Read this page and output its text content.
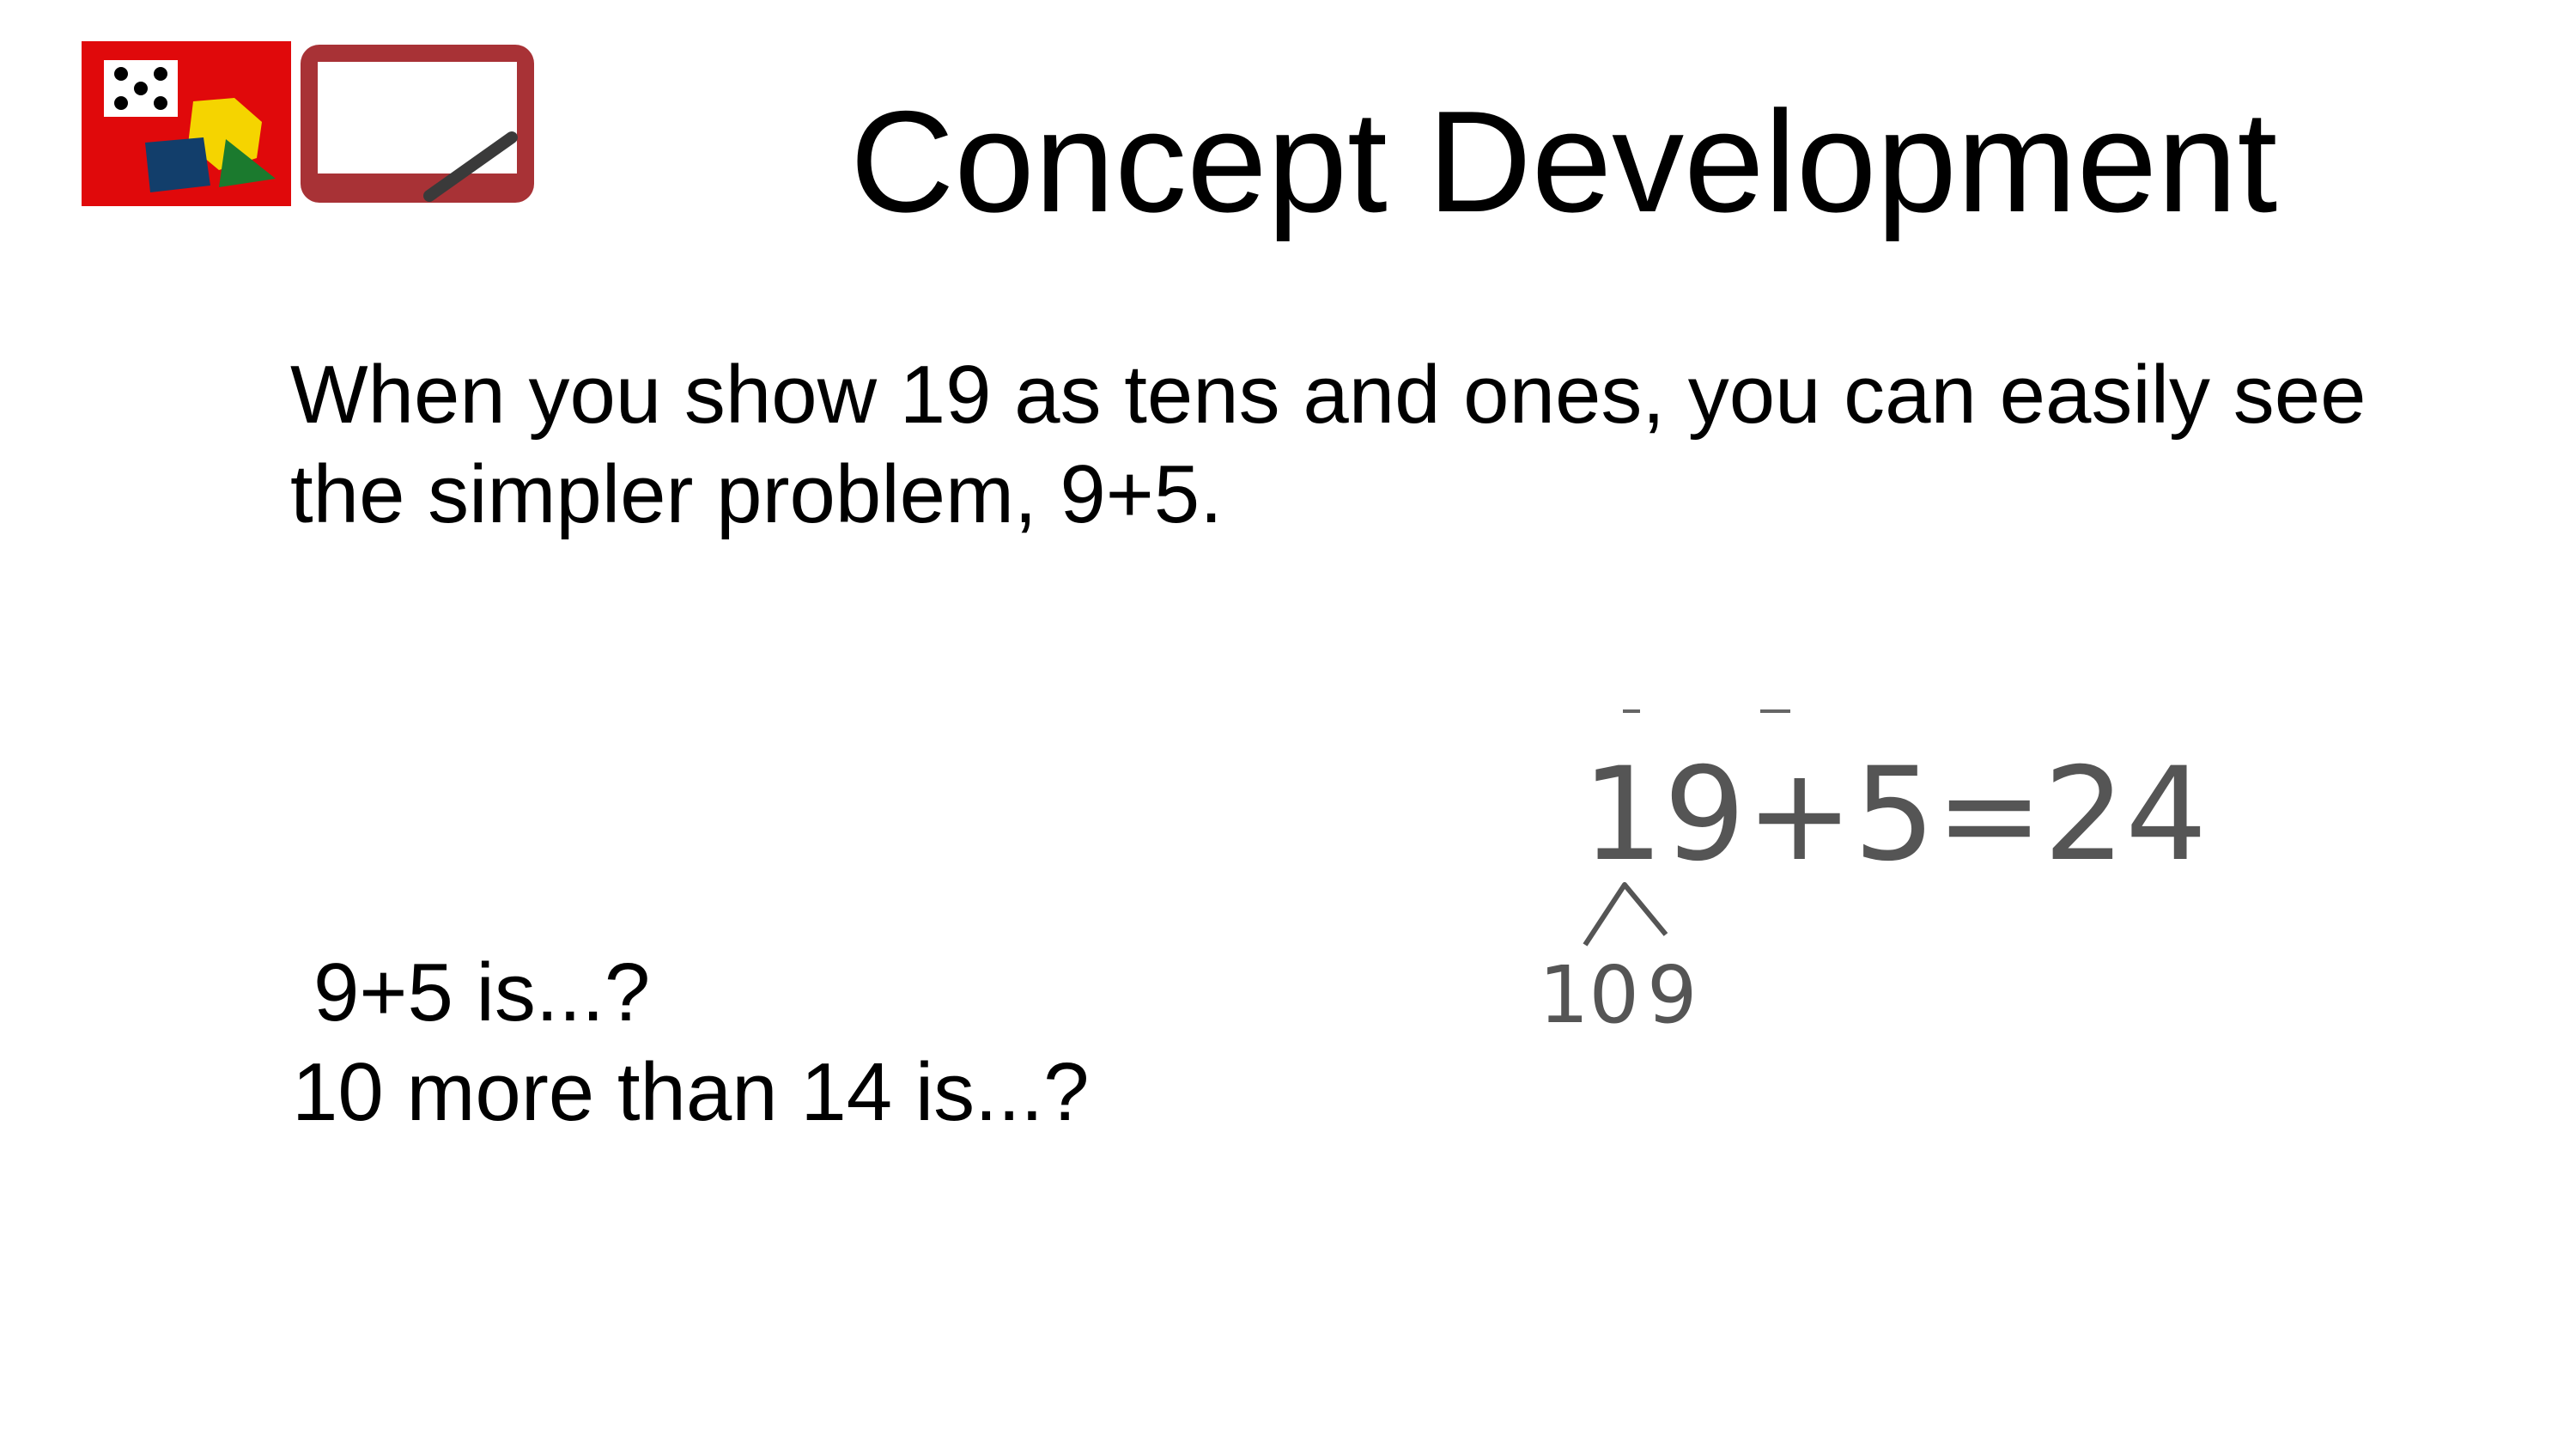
Concept Development
When you show 19 as tens and ones, you can easily see
the simpler problem, 9+5.
19+5=24
10 9
9+5 is...?
10 more than 14 is...?
